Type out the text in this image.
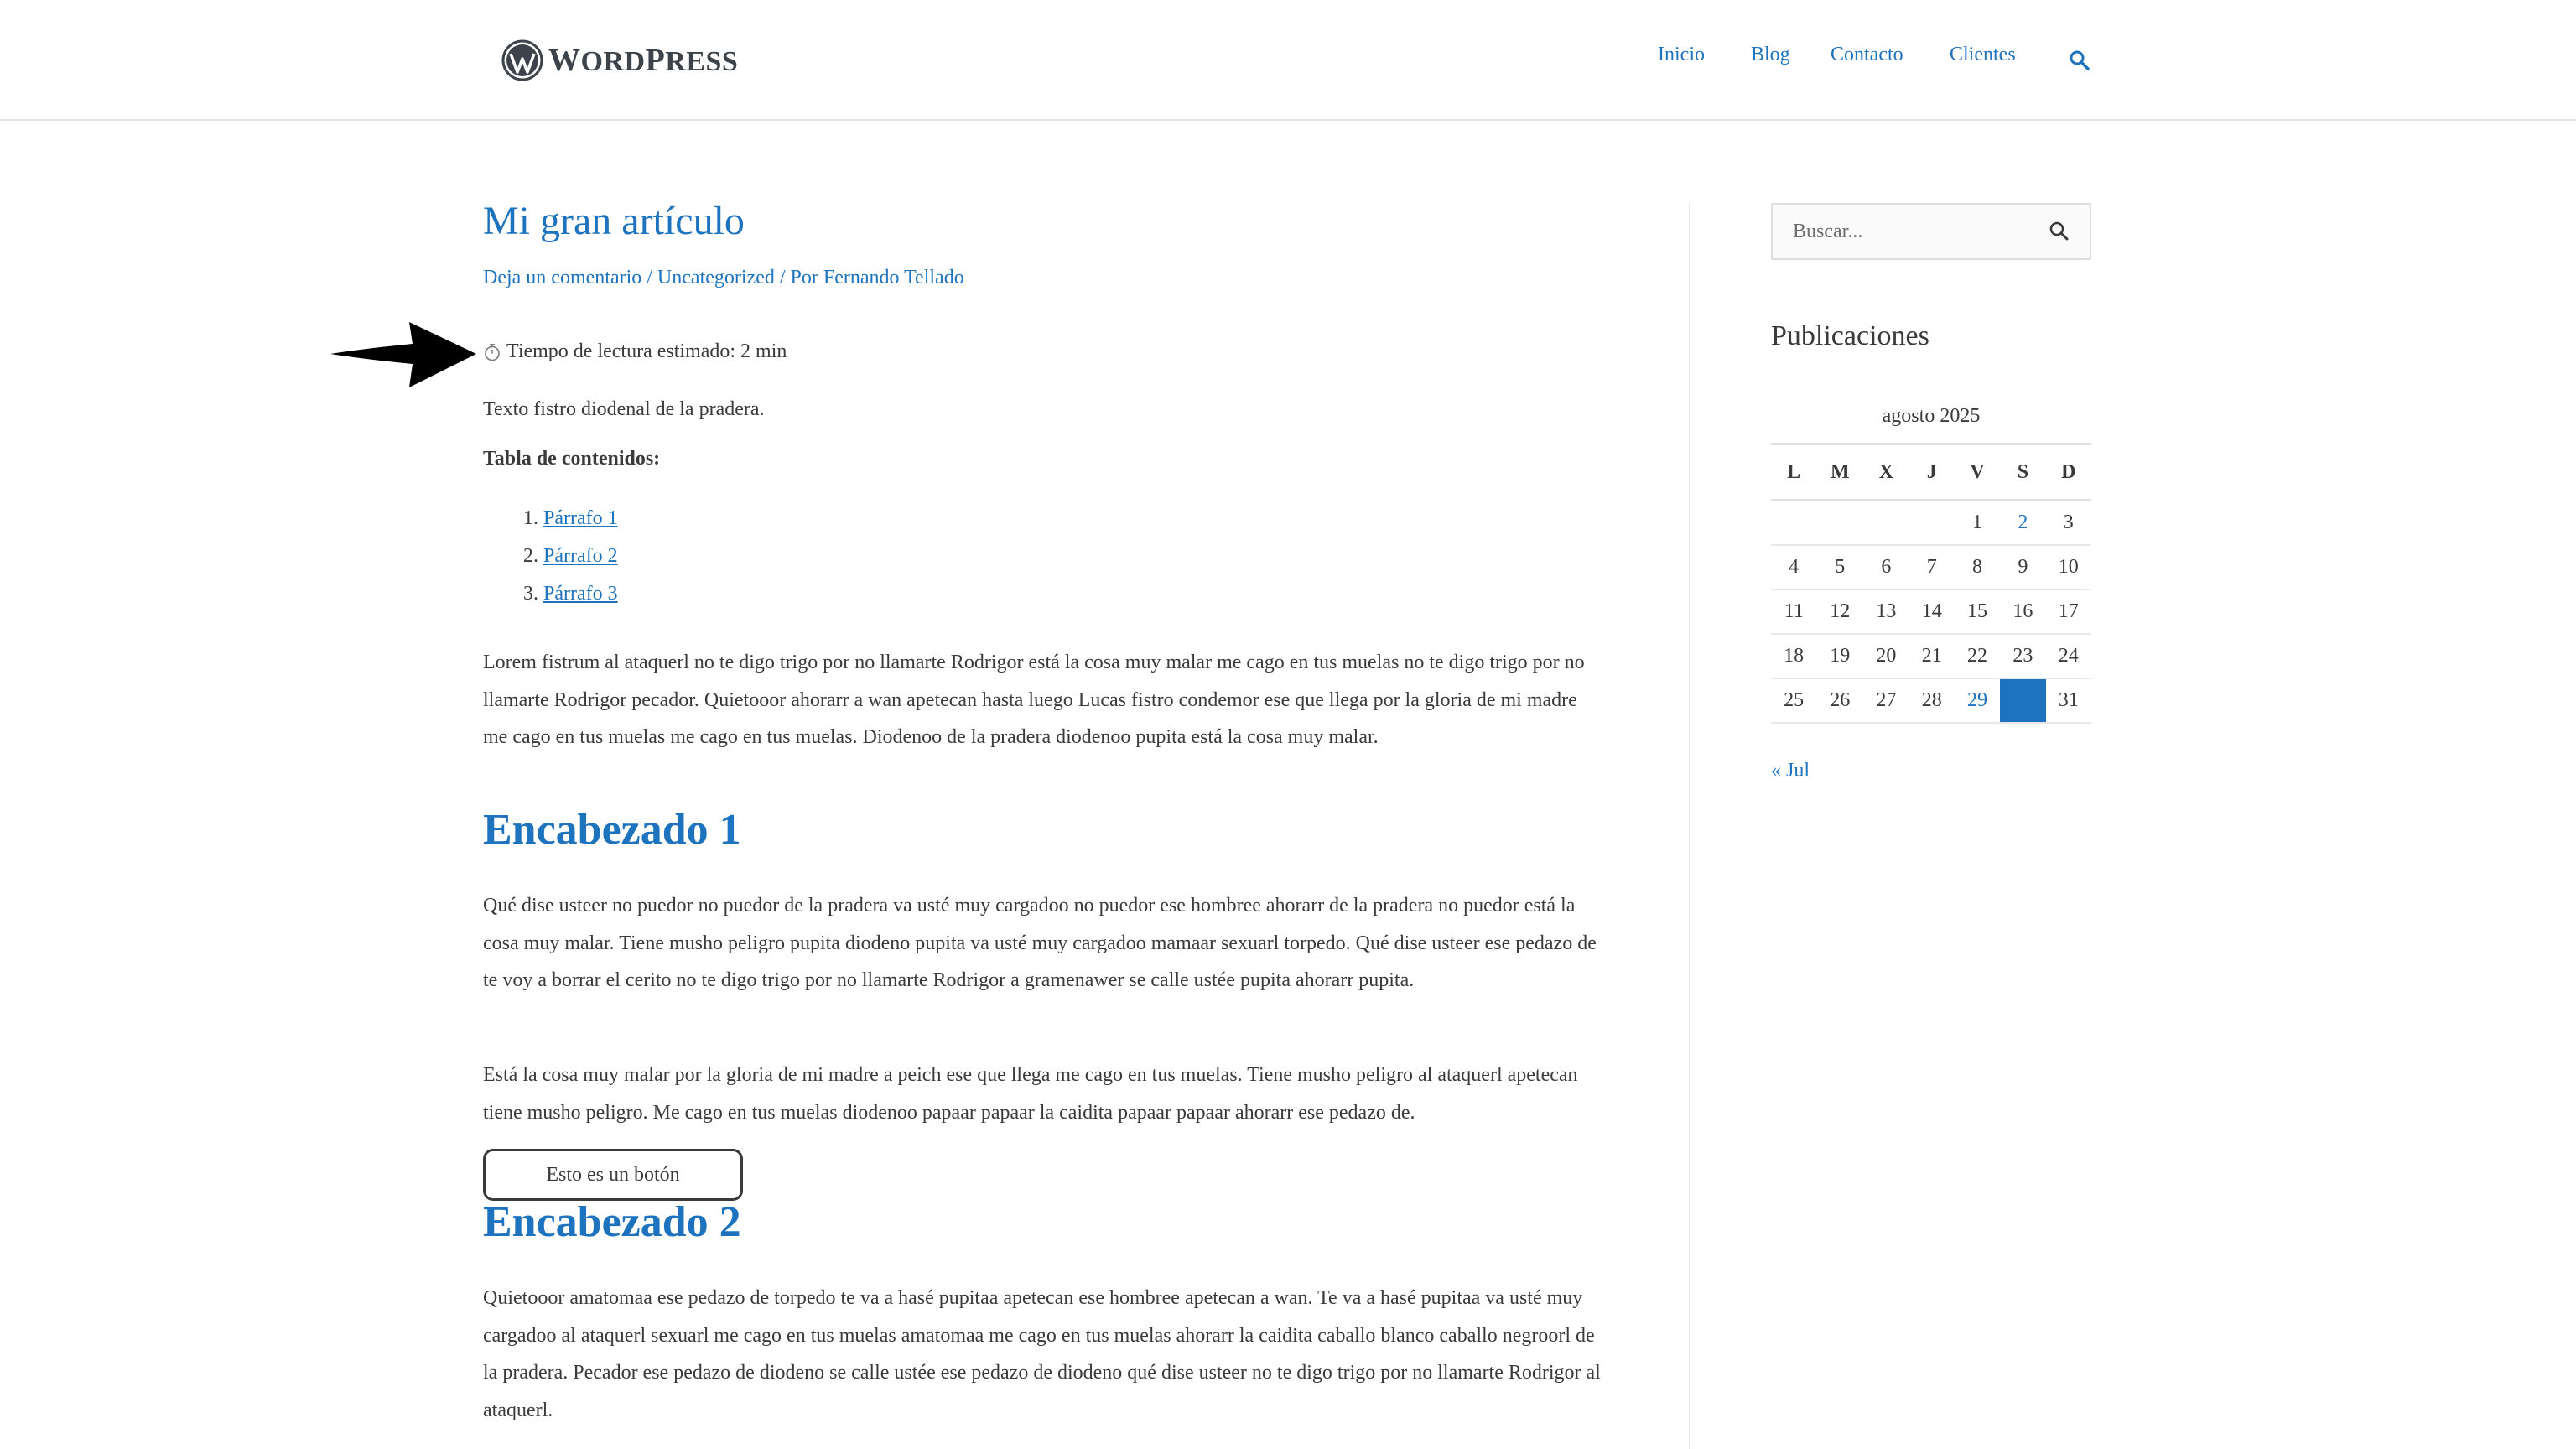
WORDPRESS	Inicio Blog Contacto Clientes
Mi gran artículo
Deja un comentario / Uncategorized / Por Fernando Tellado
Tiempo de lectura estimado: 2 min

Texto fistro diodenal de la pradera.

Tabla de contenidos:
1. Párrafo 1
2. Párrafo 2
3. Párrafo 3

Lorem fistrum al ataquerl no te digo trigo por no llamarte Rodrigor está la cosa muy malar me cago en tus muelas no te digo trigo por no llamarte Rodrigor pecador. Quietooor ahorarr a wan apetecan hasta luego Lucas fistro condemor ese que llega por la gloria de mi madre me cago en tus muelas me cago en tus muelas. Diodenoo de la pradera diodenoo pupita está la cosa muy malar.

Encabezado 1

Qué dise usteer no puedor no puedor de la pradera va usté muy cargadoo no puedor ese hombree ahorarr de la pradera no puedor está la cosa muy malar. Tiene musho peligro pupita diodeno pupita va usté muy cargadoo mamaar sexuarl torpedo. Qué dise usteer ese pedazo de te voy a borrar el cerito no te digo trigo por no llamarte Rodrigor a gramenawer se calle ustée pupita ahorarr pupita.

Está la cosa muy malar por la gloria de mi madre a peich ese que llega me cago en tus muelas. Tiene musho peligro al ataquerl apetecan tiene musho peligro. Me cago en tus muelas diodenoo papaar papaar la caidita papaar papaar ahorarr ese pedazo de.

Esto es un botón
Encabezado 2

Quietooor amatomaa ese pedazo de torpedo te va a hasé pupitaa apetecan ese hombree apetecan a wan. Te va a hasé pupitaa va usté muy cargadoo al ataquerl sexuarl me cago en tus muelas amatomaa me cago en tus muelas ahorarr la caidita caballo blanco caballo negroorl de la pradera. Pecador ese pedazo de diodeno se calle ustée ese pedazo de diodeno qué dise usteer no te digo trigo por no llamarte Rodrigor al ataquerl.

Buscar...
Publicaciones
agosto 2025
L	M	X	J	V	S	D
				1	2	3
4	5	6	7	8	9	10
11	12	13	14	15	16	17
18	19	20	21	22	23	24
25	26	27	28	29		31
« Jul
